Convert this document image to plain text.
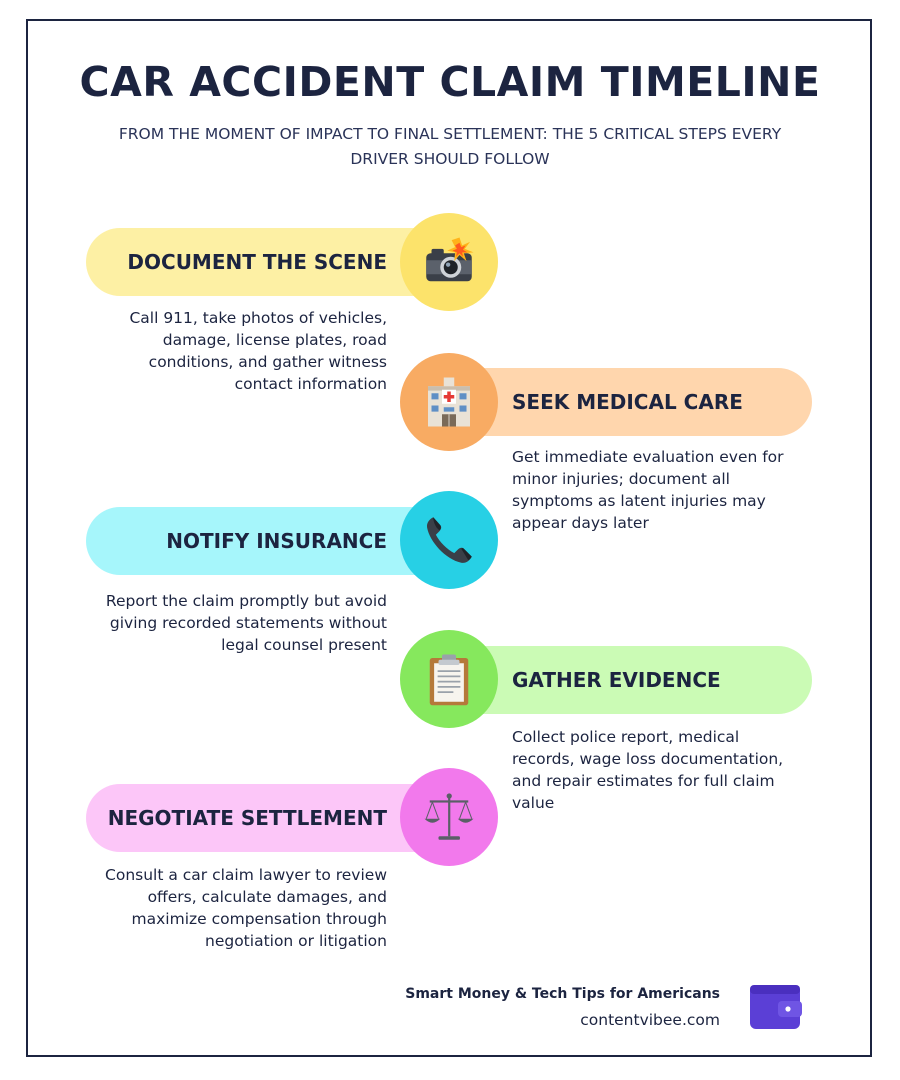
CAR ACCIDENT CLAIM TIMELINE

FROM THE MOMENT OF IMPACT TO FINAL SETTLEMENT: THE 5 CRITICAL STEPS EVERY DRIVER SHOULD FOLLOW

DOCUMENT THE SCENE

Call 911, take photos of vehicles, damage, license plates, road conditions, and gather witness contact information

SEEK MEDICAL CARE

Get immediate evaluation even for minor injuries; document all symptoms as latent injuries may appear days later

NOTIFY INSURANCE

Report the claim promptly but avoid giving recorded statements without legal counsel present

GATHER EVIDENCE

Collect police report, medical records, wage loss documentation, and repair estimates for full claim value

NEGOTIATE SETTLEMENT

Consult a car claim lawyer to review offers, calculate damages, and maximize compensation through negotiation or litigation

Smart Money & Tech Tips for Americans
contentvibee.com
